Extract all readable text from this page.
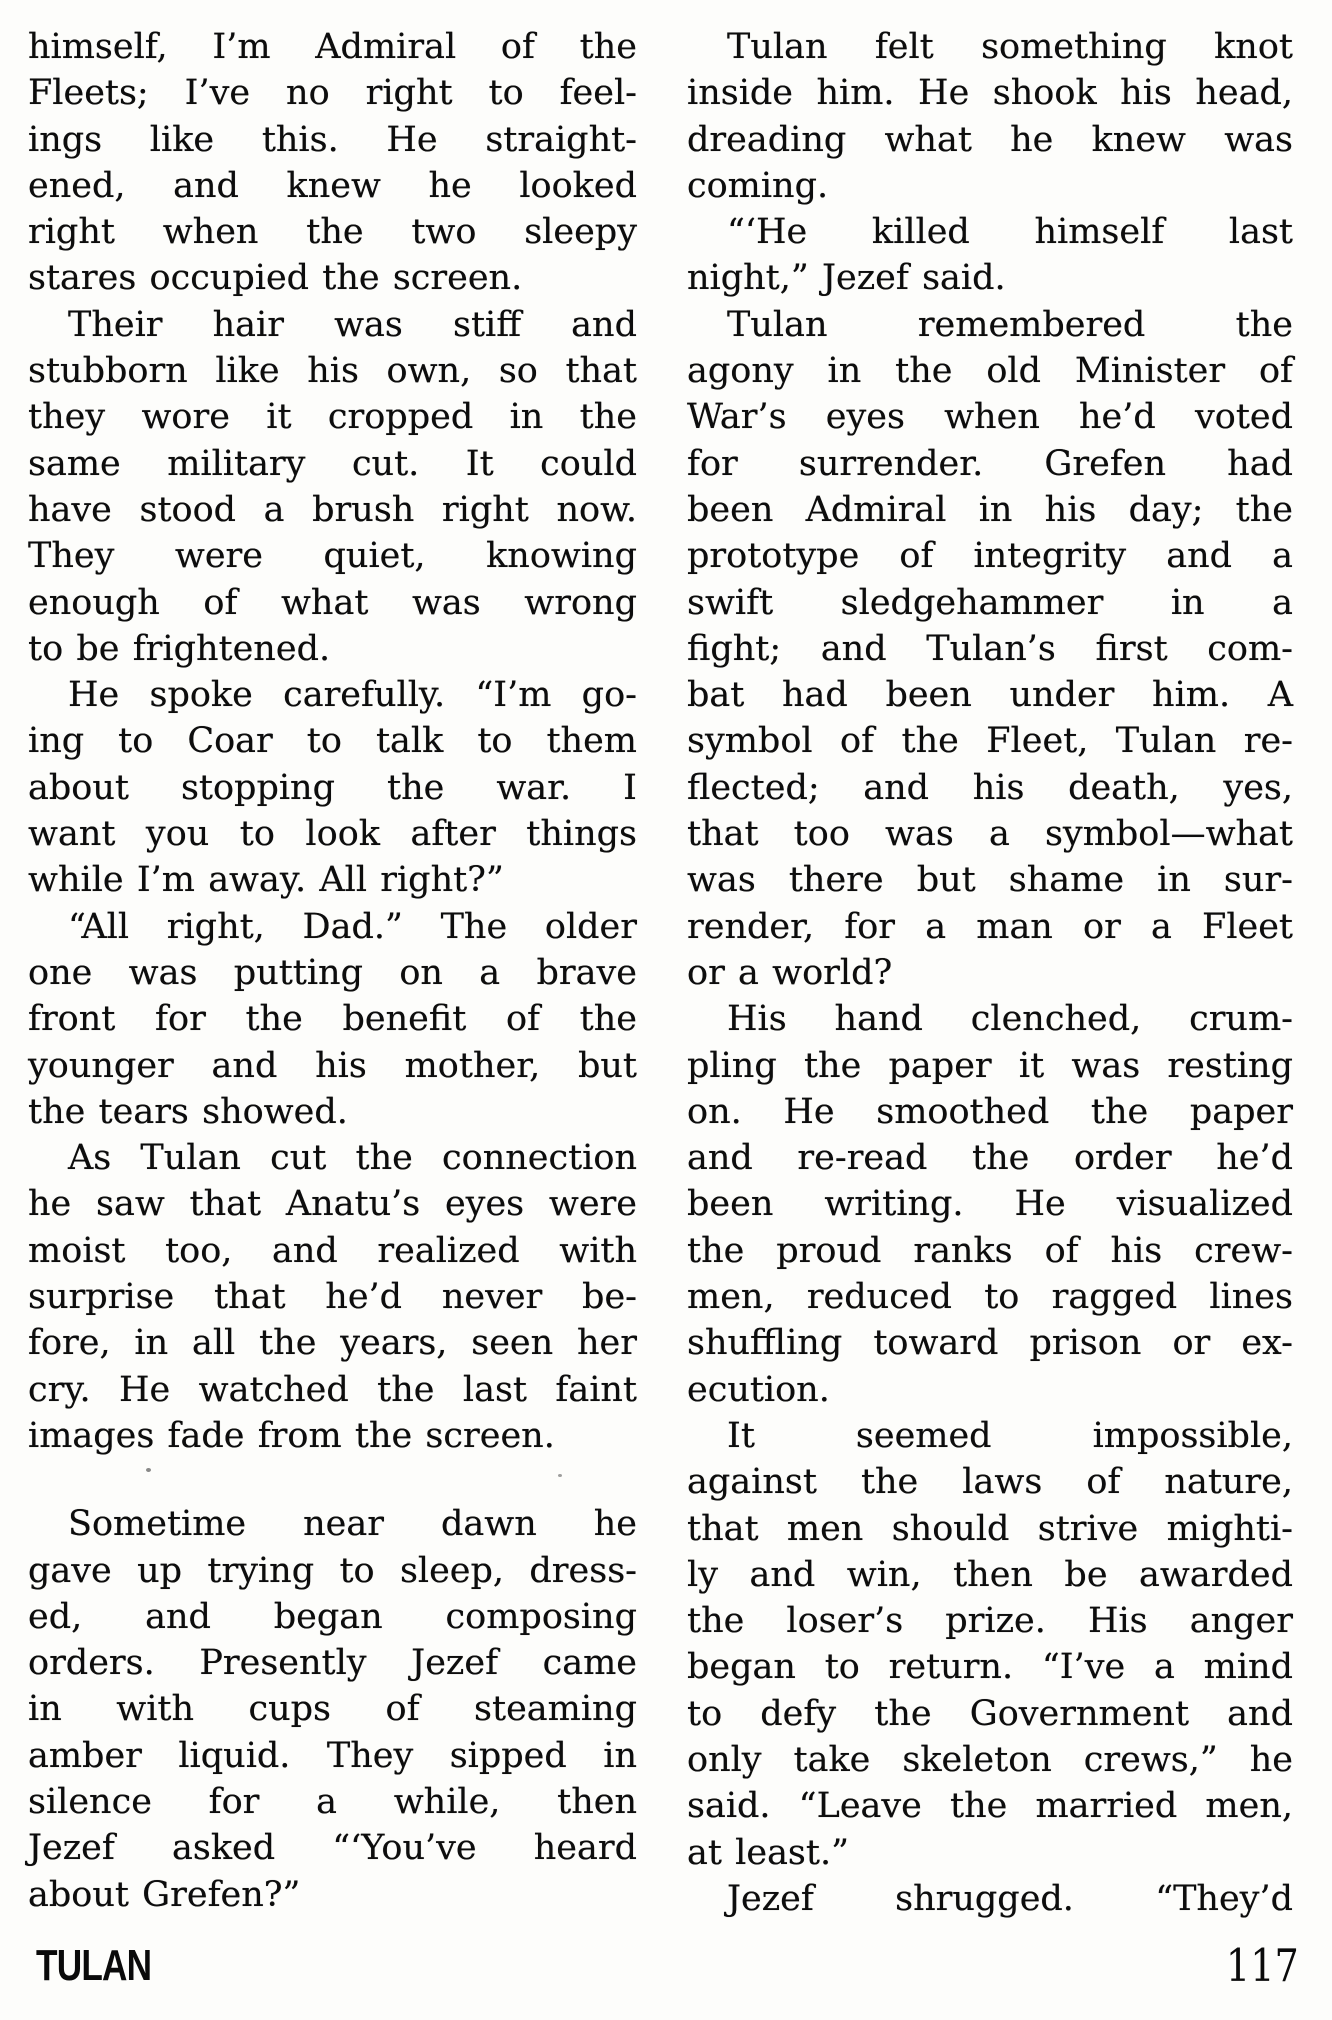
himself, I’m Admiral of the
Fleets; I’ve no right to feel-
ings like this. He straight-
ened, and knew he looked
right when the two sleepy
stares occupied the screen.
Their hair was stiff and
stubborn like his own, so that
they wore it cropped in the
same military cut. It could
have stood a brush right now.
They were quiet, knowing
enough of what was wrong
to be frightened.
He spoke carefully. “I’m go-
ing to Coar to talk to them
about stopping the war. I
want you to look after things
while I’m away. All right?”
“All right, Dad.” The older
one was putting on a brave
front for the benefit of the
younger and his mother, but
the tears showed.
As Tulan cut the connection
he saw that Anatu’s eyes were
moist too, and realized with
surprise that he’d never be-
fore, in all the years, seen her
cry. He watched the last faint
images fade from the screen.
Sometime near dawn he
gave up trying to sleep, dress-
ed, and began composing
orders. Presently Jezef came
in with cups of steaming
amber liquid. They sipped in
silence for a while, then
Jezef asked “‘You’ve heard
about Grefen?”
Tulan felt something knot
inside him. He shook his head,
dreading what he knew was
coming.
“‘He killed himself last
night,” Jezef said.
Tulan remembered the
agony in the old Minister of
War’s eyes when he’d voted
for surrender. Grefen had
been Admiral in his day; the
prototype of integrity and a
swift sledgehammer in a
fight; and Tulan’s first com-
bat had been under him. A
symbol of the Fleet, Tulan re-
flected; and his death, yes,
that too was a symbol—what
was there but shame in sur-
render, for a man or a Fleet
or a world?
His hand clenched, crum-
pling the paper it was resting
on. He smoothed the paper
and re-read the order he’d
been writing. He visualized
the proud ranks of his crew-
men, reduced to ragged lines
shuffling toward prison or ex-
ecution.
It seemed impossible,
against the laws of nature,
that men should strive mighti-
ly and win, then be awarded
the loser’s prize. His anger
began to return. “I’ve a mind
to defy the Government and
only take skeleton crews,” he
said. “Leave the married men,
at least.”
Jezef shrugged. “They’d
TULAN	117
